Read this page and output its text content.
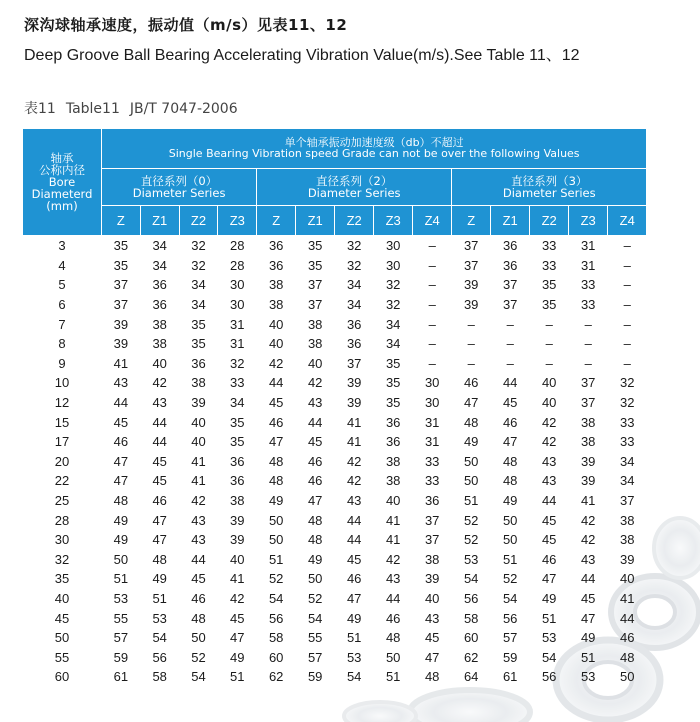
深沟球轴承速度，振动值（m/s）见表11、12
Deep Groove Ball Bearing Accelerating Vibration Value(m/s).See Table 11、12
表11 Table11 JB/T 7047-2006
轴承
公称内径
Bore
Diameterd
(mm)	单个轴承振动加速度级（db）不超过
Single Bearing Vibration speed Grade can not be over the following Values													

	直径系列（0）
Diameter Series				直径系列（2）
Diameter Series					直径系列（3）
Diameter Series				

	Z	Z1	Z2	Z3	Z	Z1	Z2	Z3	Z4	Z	Z1	Z2	Z3	Z4
3	35	34	32	28	36	35	32	30	–	37	36	33	31	–
4	35	34	32	28	36	35	32	30	–	37	36	33	31	–
5	37	36	34	30	38	37	34	32	–	39	37	35	33	–
6	37	36	34	30	38	37	34	32	–	39	37	35	33	–
7	39	38	35	31	40	38	36	34	–	–	–	–	–	–
8	39	38	35	31	40	38	36	34	–	–	–	–	–	–
9	41	40	36	32	42	40	37	35	–	–	–	–	–	–
10	43	42	38	33	44	42	39	35	30	46	44	40	37	32
12	44	43	39	34	45	43	39	35	30	47	45	40	37	32
15	45	44	40	35	46	44	41	36	31	48	46	42	38	33
17	46	44	40	35	47	45	41	36	31	49	47	42	38	33
20	47	45	41	36	48	46	42	38	33	50	48	43	39	34
22	47	45	41	36	48	46	42	38	33	50	48	43	39	34
25	48	46	42	38	49	47	43	40	36	51	49	44	41	37
28	49	47	43	39	50	48	44	41	37	52	50	45	42	38
30	49	47	43	39	50	48	44	41	37	52	50	45	42	38
32	50	48	44	40	51	49	45	42	38	53	51	46	43	39
35	51	49	45	41	52	50	46	43	39	54	52	47	44	40
40	53	51	46	42	54	52	47	44	40	56	54	49	45	41
45	55	53	48	45	56	54	49	46	43	58	56	51	47	44
50	57	54	50	47	58	55	51	48	45	60	57	53	49	46
55	59	56	52	49	60	57	53	50	47	62	59	54	51	48
60	61	58	54	51	62	59	54	51	48	64	61	56	53	50
